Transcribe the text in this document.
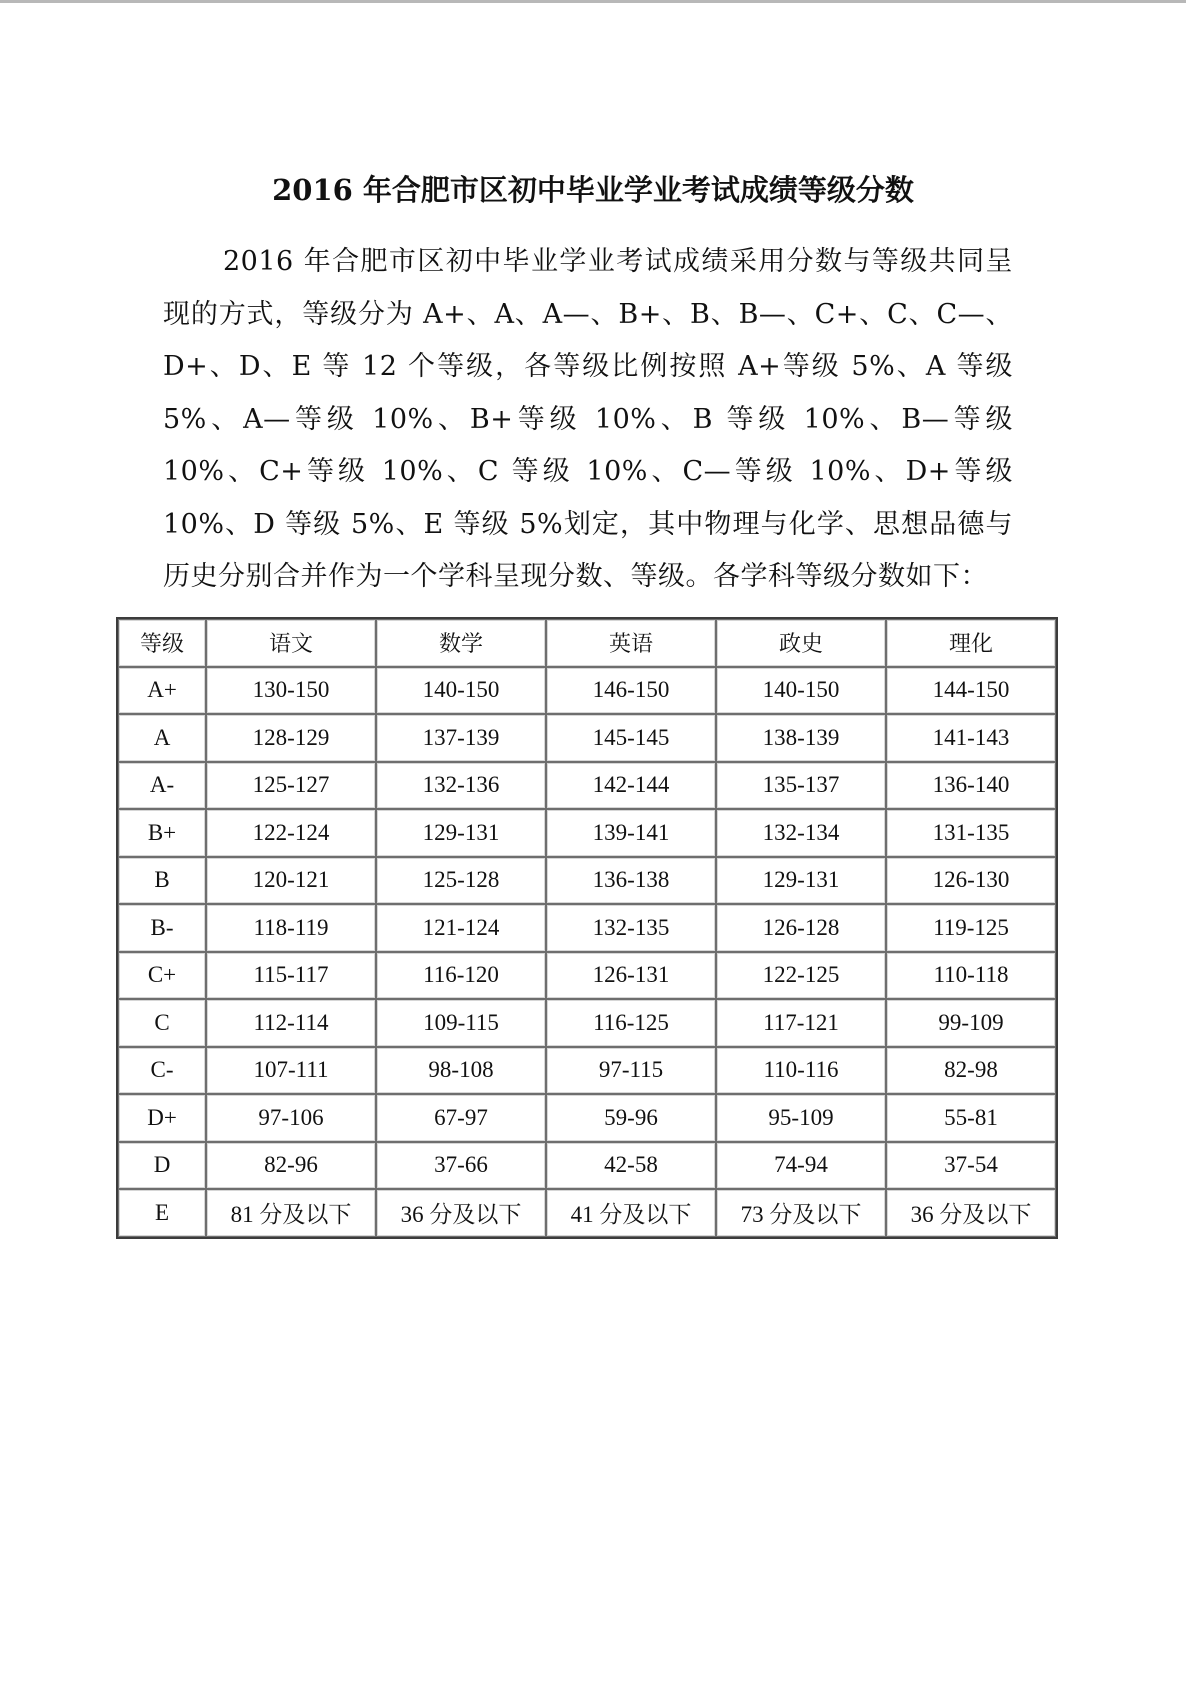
2016 年合肥市区初中毕业学业考试成绩等级分数

2016 年合肥市区初中毕业学业考试成绩采用分数与等级共同呈现的方式，等级分为 A+、A、A—、B+、B、B—、C+、C、C—、D+、D、E 等 12 个等级，各等级比例按照 A+等级 5%、A 等级 5%、A—等级 10%、B+等级 10%、B 等级 10%、B—等级 10%、C+等级 10%、C 等级 10%、C—等级 10%、D+等级 10%、D 等级 5%、E 等级 5%划定，其中物理与化学、思想品德与历史分别合并作为一个学科呈现分数、等级。各学科等级分数如下：

等级	语文	数学	英语	政史	理化
A+	130-150	140-150	146-150	140-150	144-150
A	128-129	137-139	145-145	138-139	141-143
A-	125-127	132-136	142-144	135-137	136-140
B+	122-124	129-131	139-141	132-134	131-135
B	120-121	125-128	136-138	129-131	126-130
B-	118-119	121-124	132-135	126-128	119-125
C+	115-117	116-120	126-131	122-125	110-118
C	112-114	109-115	116-125	117-121	99-109
C-	107-111	98-108	97-115	110-116	82-98
D+	97-106	67-97	59-96	95-109	55-81
D	82-96	37-66	42-58	74-94	37-54
E	81 分及以下	36 分及以下	41 分及以下	73 分及以下	36 分及以下
